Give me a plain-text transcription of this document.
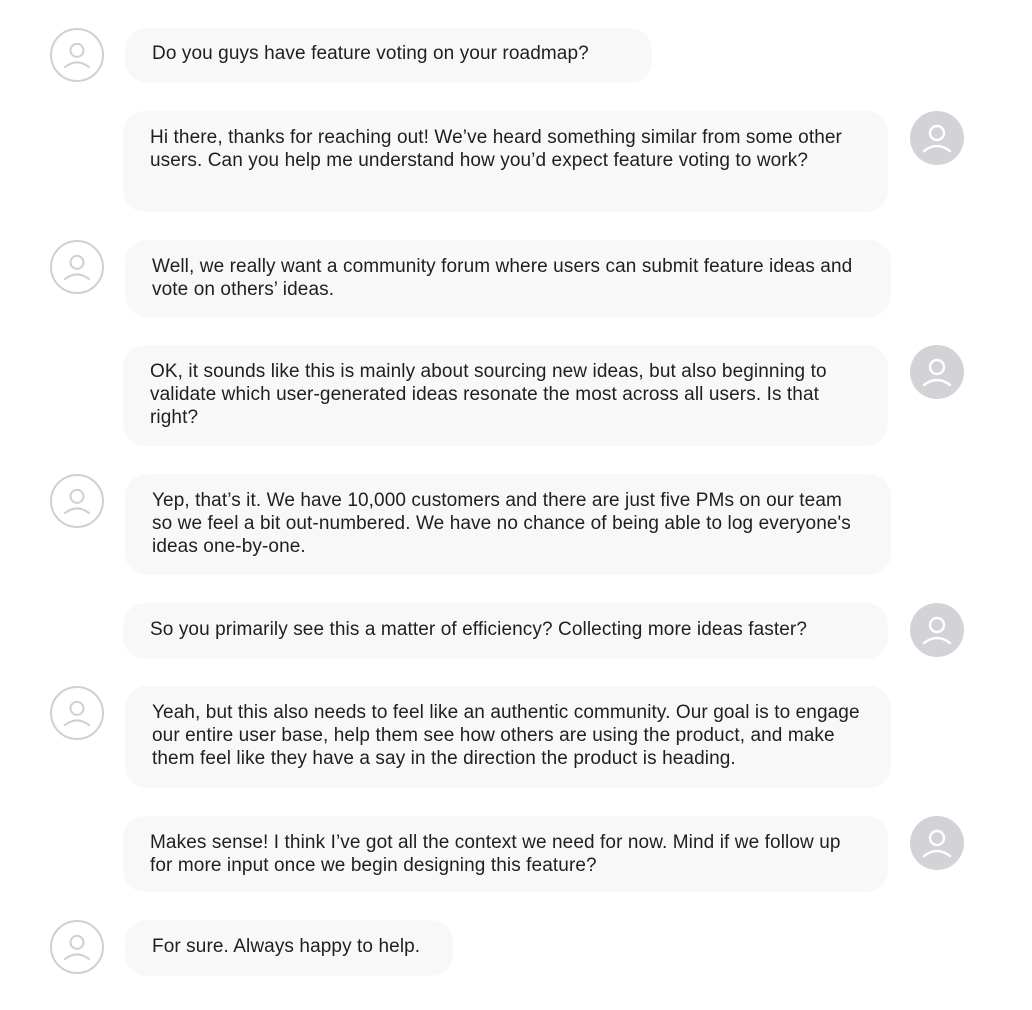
Do you guys have feature voting on your roadmap?
Hi there, thanks for reaching out! We’ve heard something similar from some other users. Can you help me understand how you’d expect feature voting to work?
Well, we really want a community forum where users can submit feature ideas and vote on others’ ideas.
OK, it sounds like this is mainly about sourcing new ideas, but also beginning to validate which user-generated ideas resonate the most across all users. Is that right?
Yep, that’s it. We have 10,000 customers and there are just five PMs on our team so we feel a bit out-numbered. We have no chance of being able to log everyone's ideas one-by-one.
So you primarily see this a matter of efficiency? Collecting more ideas faster?
Yeah, but this also needs to feel like an authentic community. Our goal is to engage our entire user base, help them see how others are using the product, and make them feel like they have a say in the direction the product is heading.
Makes sense! I think I’ve got all the context we need for now. Mind if we follow up for more input once we begin designing this feature?
For sure. Always happy to help.
